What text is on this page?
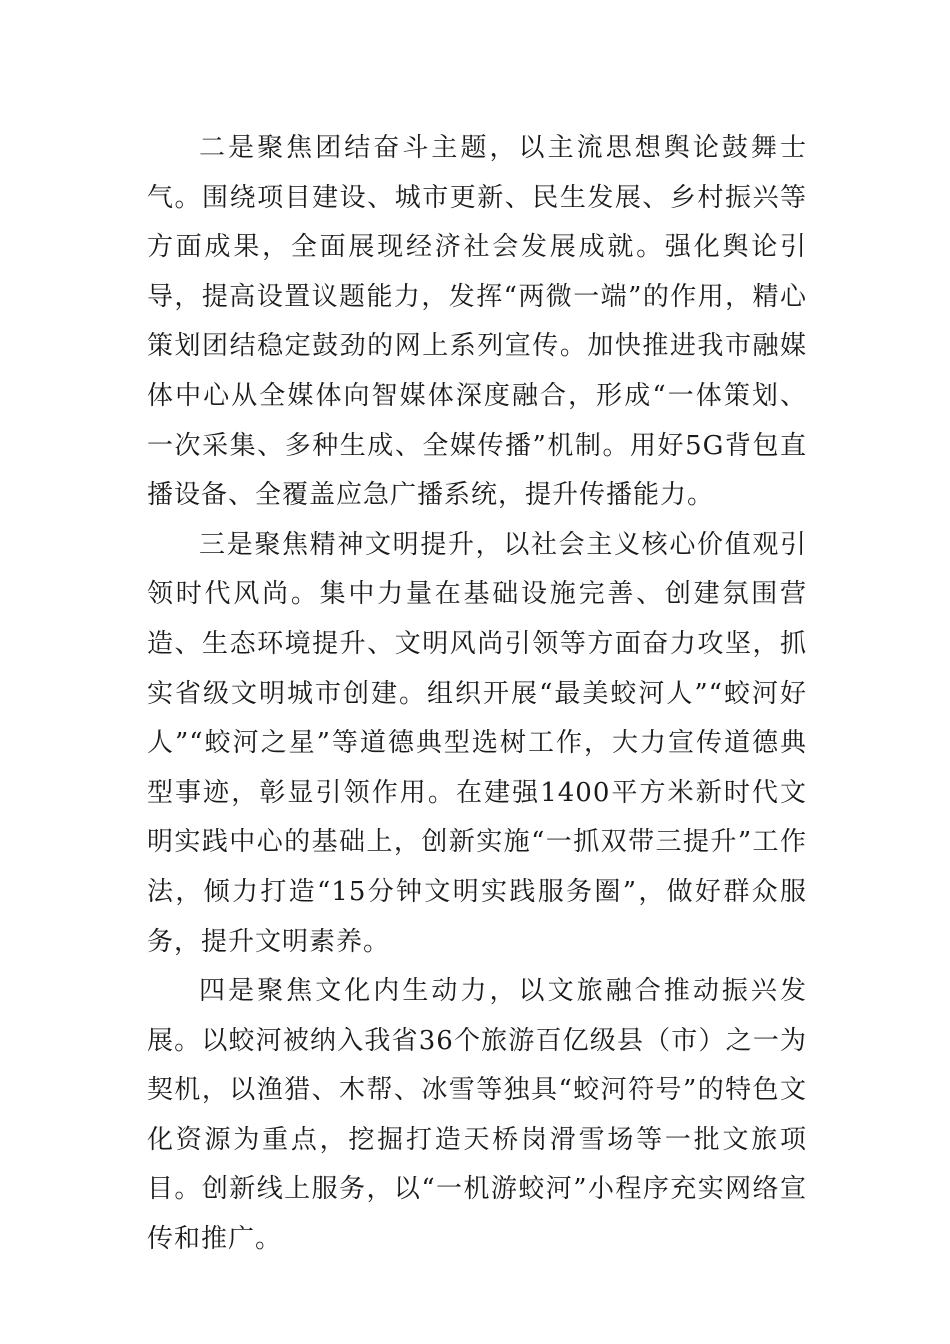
二是聚焦团结奋斗主题，以主流思想舆论鼓舞士气。围绕项目建设、城市更新、民生发展、乡村振兴等方面成果，全面展现经济社会发展成就。强化舆论引导，提高设置议题能力，发挥“两微一端”的作用，精心策划团结稳定鼓劲的网上系列宣传。加快推进我市融媒体中心从全媒体向智媒体深度融合，形成“一体策划、一次采集、多种生成、全媒传播”机制。用好5G背包直播设备、全覆盖应急广播系统，提升传播能力。

三是聚焦精神文明提升，以社会主义核心价值观引领时代风尚。集中力量在基础设施完善、创建氛围营造、生态环境提升、文明风尚引领等方面奋力攻坚，抓实省级文明城市创建。组织开展“最美蛟河人”“蛟河好人”“蛟河之星”等道德典型选树工作，大力宣传道德典型事迹，彰显引领作用。在建强1400平方米新时代文明实践中心的基础上，创新实施“一抓双带三提升”工作法，倾力打造“15分钟文明实践服务圈”，做好群众服务，提升文明素养。

四是聚焦文化内生动力，以文旅融合推动振兴发展。以蛟河被纳入我省36个旅游百亿级县（市）之一为契机，以渔猎、木帮、冰雪等独具“蛟河符号”的特色文化资源为重点，挖掘打造天桥岗滑雪场等一批文旅项目。创新线上服务，以“一机游蛟河”小程序充实网络宣传和推广。
